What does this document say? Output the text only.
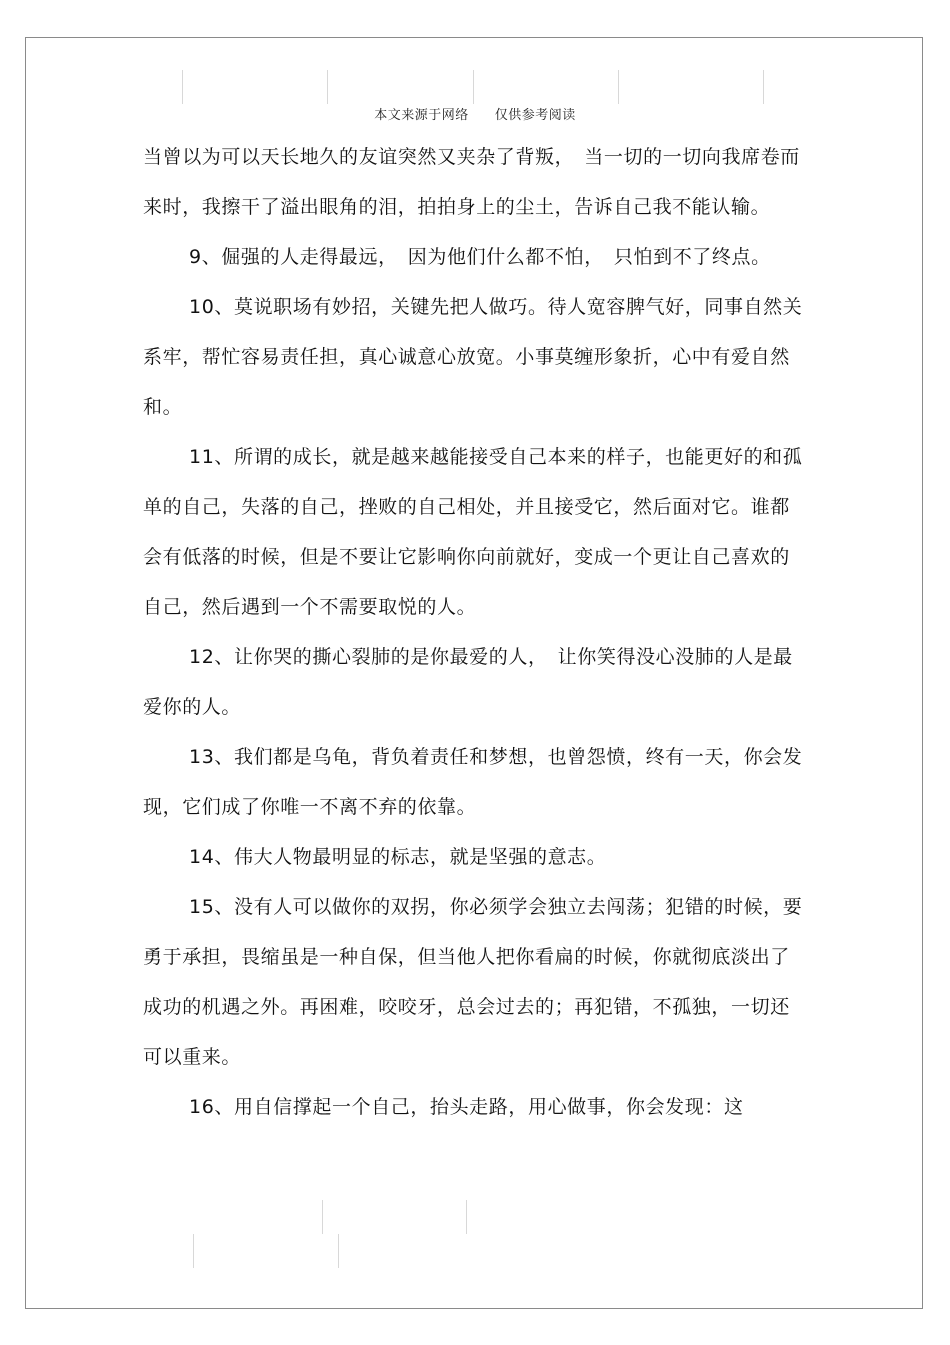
本文来源于网络 仅供参考阅读

当曾以为可以天长地久的友谊突然又夹杂了背叛，　当一切的一切向我席卷而来时，我擦干了溢出眼角的泪，拍拍身上的尘土，告诉自己我不能认输。

9、倔强的人走得最远，　因为他们什么都不怕，　只怕到不了终点。

10、莫说职场有妙招，关键先把人做巧。待人宽容脾气好，同事自然关系牢，帮忙容易责任担，真心诚意心放宽。小事莫缠形象折，心中有爱自然和。

11、所谓的成长，就是越来越能接受自己本来的样子，也能更好的和孤单的自己，失落的自己，挫败的自己相处，并且接受它，然后面对它。谁都会有低落的时候，但是不要让它影响你向前就好，变成一个更让自己喜欢的自己，然后遇到一个不需要取悦的人。

12、让你哭的撕心裂肺的是你最爱的人，　让你笑得没心没肺的人是最爱你的人。

13、我们都是乌龟，背负着责任和梦想，也曾怨愤，终有一天，你会发现，它们成了你唯一不离不弃的依靠。

14、伟大人物最明显的标志，就是坚强的意志。

15、没有人可以做你的双拐，你必须学会独立去闯荡；犯错的时候，要勇于承担，畏缩虽是一种自保，但当他人把你看扁的时候，你就彻底淡出了成功的机遇之外。再困难，咬咬牙，总会过去的；再犯错，不孤独，一切还可以重来。

16、用自信撑起一个自己，抬头走路，用心做事，你会发现：这
